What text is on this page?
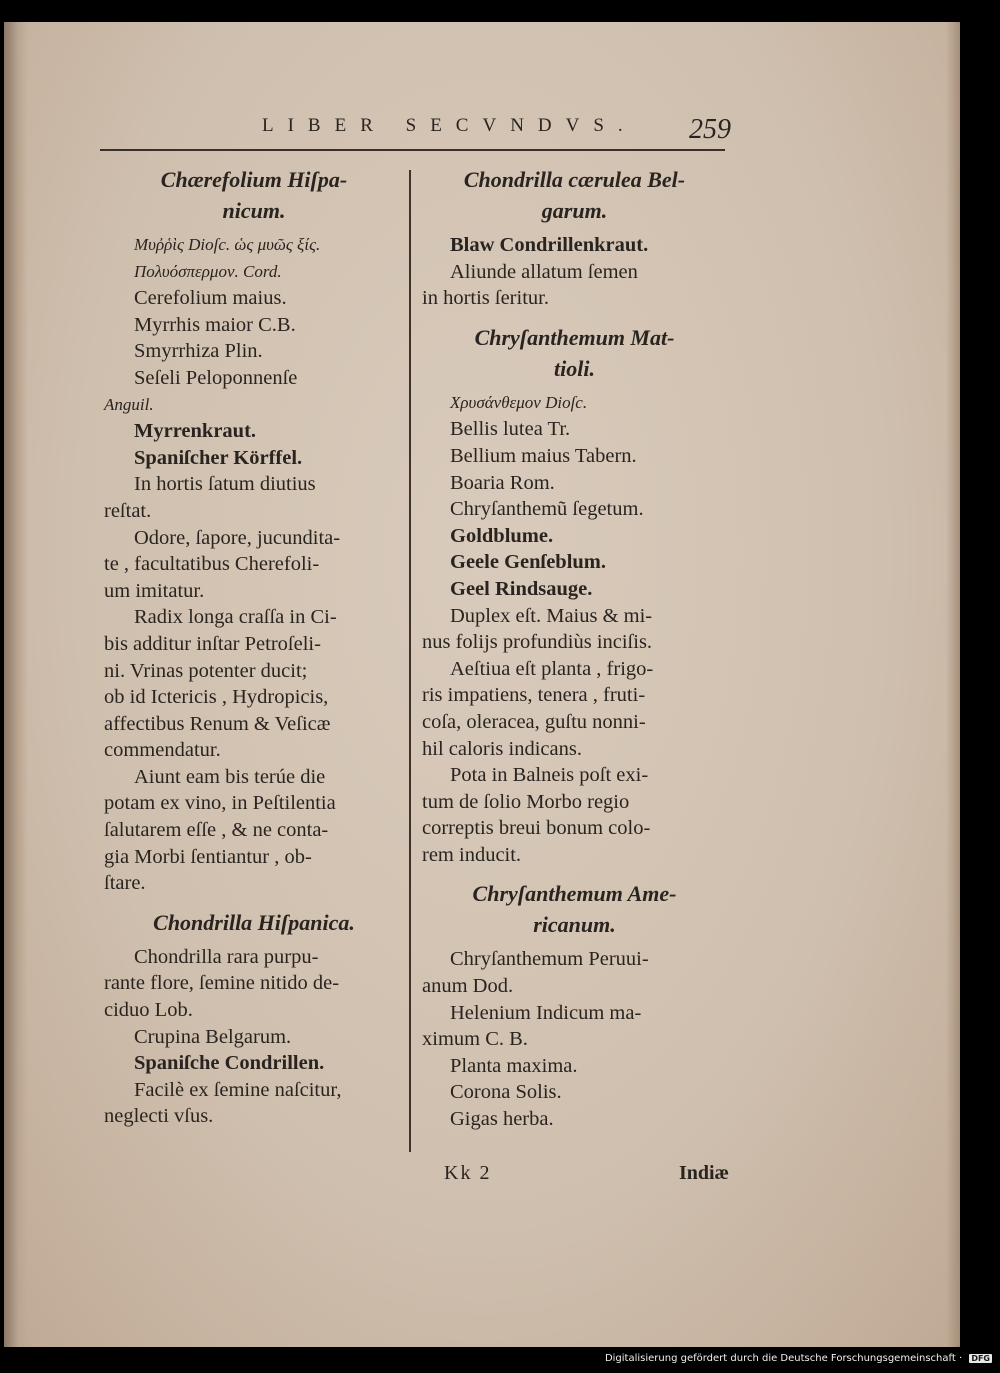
LIBER SECVNDVS. 259
Chærefolium Hiſpa-
nicum.
Μυῤῥὶς Dioſc. ὡς μυῶς ξίς.
Πολυόσπερμον. Cord.
Cerefolium maius.
Myrrhis maior C.B.
Smyrrhiza Plin.
Seſeli Peloponnenſe
Anguil.
Myrrenkraut.
Spaniſcher Körffel.
In hortis ſatum diutius
reſtat.
Odore, ſapore, jucundita-
te , facultatibus Cherefoli-
um imitatur.
Radix longa craſſa in Ci-
bis additur inſtar Petroſeli-
ni. Vrinas potenter ducit;
ob id Ictericis , Hydropicis,
affectibus Renum & Veſicæ
commendatur.
Aiunt eam bis terúe die
potam ex vino, in Peſtilentia
ſalutarem eſſe , & ne conta-
gia Morbi ſentiantur , ob-
ſtare.
Chondrilla Hiſpanica.
Chondrilla rara purpu-
rante flore, ſemine nitido de-
ciduo Lob.
Crupina Belgarum.
Spaniſche Condrillen.
Facilè ex ſemine naſcitur,
neglecti vſus.
Chondrilla cærulea Bel-
garum.
Blaw Condrillenkraut.
Aliunde allatum ſemen
in hortis ſeritur.
Chryſanthemum Mat-
tioli.
Χρυσάνθεμον Dioſc.
Bellis lutea Tr.
Bellium maius Tabern.
Boaria Rom.
Chryſanthemũ ſegetum.
Goldblume.
Geele Genſeblum.
Geel Rindsauge.
Duplex eſt. Maius & mi-
nus folijs profundiùs inciſis.
Aeſtiua eſt planta , frigo-
ris impatiens, tenera , fruti-
coſa, oleracea, guſtu nonni-
hil caloris indicans.
Pota in Balneis poſt exi-
tum de ſolio Morbo regio
correptis breui bonum colo-
rem inducit.
Chryſanthemum Ame-
ricanum.
Chryſanthemum Peruui-
anum Dod.
Helenium Indicum ma-
ximum C. B.
Planta maxima.
Corona Solis.
Gigas herba.
Kk 2	Indiæ
Digitalisierung gefördert durch die Deutsche Forschungsgemeinschaft · DFG
